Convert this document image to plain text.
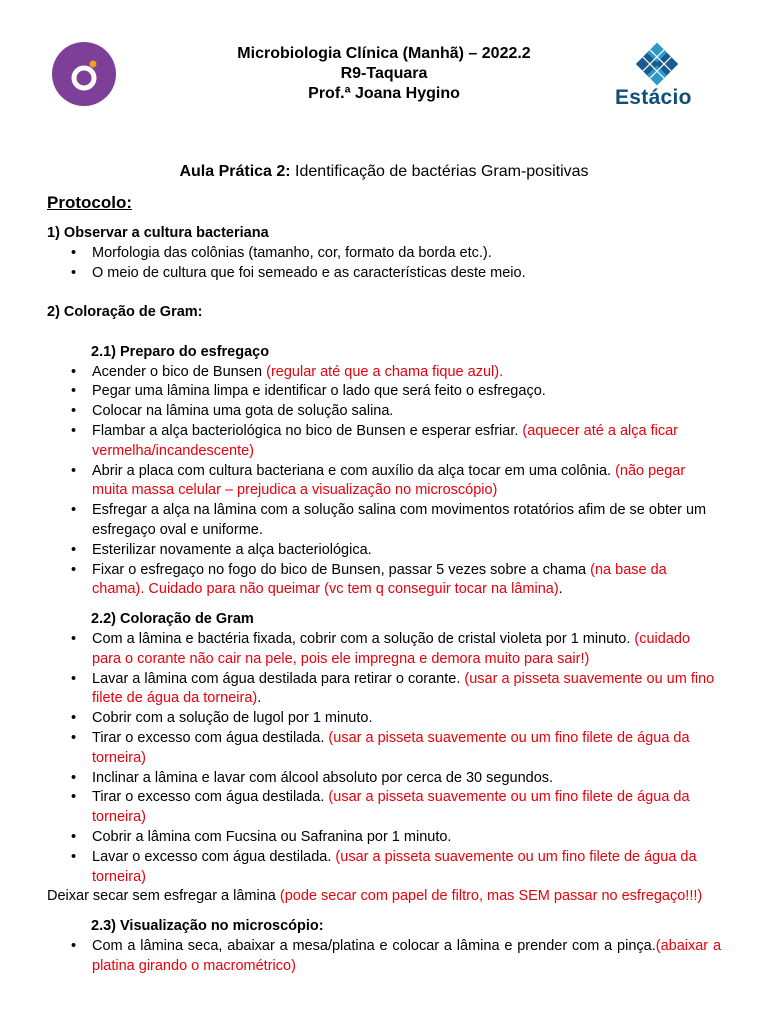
Microbiologia Clínica (Manhã) – 2022.2
R9-Taquara
Prof.ª Joana Hygino	Estácio
Aula Prática 2: Identificação de bactérias Gram-positivas
Protocolo:
1) Observar a cultura bacteriana
• Morfologia das colônias (tamanho, cor, formato da borda etc.).
• O meio de cultura que foi semeado e as características deste meio.
2) Coloração de Gram:
2.1) Preparo do esfregaço
• Acender o bico de Bunsen (regular até que a chama fique azul).
• Pegar uma lâmina limpa e identificar o lado que será feito o esfregaço.
• Colocar na lâmina uma gota de solução salina.
• Flambar a alça bacteriológica no bico de Bunsen e esperar esfriar. (aquecer até a alça ficar vermelha/incandescente)
• Abrir a placa com cultura bacteriana e com auxílio da alça tocar em uma colônia. (não pegar muita massa celular – prejudica a visualização no microscópio)
• Esfregar a alça na lâmina com a solução salina com movimentos rotatórios afim de se obter um esfregaço oval e uniforme.
• Esterilizar novamente a alça bacteriológica.
• Fixar o esfregaço no fogo do bico de Bunsen, passar 5 vezes sobre a chama (na base da chama). Cuidado para não queimar (vc tem q conseguir tocar na lâmina).
2.2) Coloração de Gram
• Com a lâmina e bactéria fixada, cobrir com a solução de cristal violeta por 1 minuto. (cuidado para o corante não cair na pele, pois ele impregna e demora muito para sair!)
• Lavar a lâmina com água destilada para retirar o corante. (usar a pisseta suavemente ou um fino filete de água da torneira).
• Cobrir com a solução de lugol por 1 minuto.
• Tirar o excesso com água destilada. (usar a pisseta suavemente ou um fino filete de água da torneira)
• Inclinar a lâmina e lavar com álcool absoluto por cerca de 30 segundos.
• Tirar o excesso com água destilada. (usar a pisseta suavemente ou um fino filete de água da torneira)
• Cobrir a lâmina com Fucsina ou Safranina por 1 minuto.
• Lavar o excesso com água destilada. (usar a pisseta suavemente ou um fino filete de água da torneira)
Deixar secar sem esfregar a lâmina (pode secar com papel de filtro, mas SEM passar no esfregaço!!!)
2.3) Visualização no microscópio:
• Com a lâmina seca, abaixar a mesa/platina e colocar a lâmina e prender com a pinça.(abaixar a platina girando o macrométrico)
